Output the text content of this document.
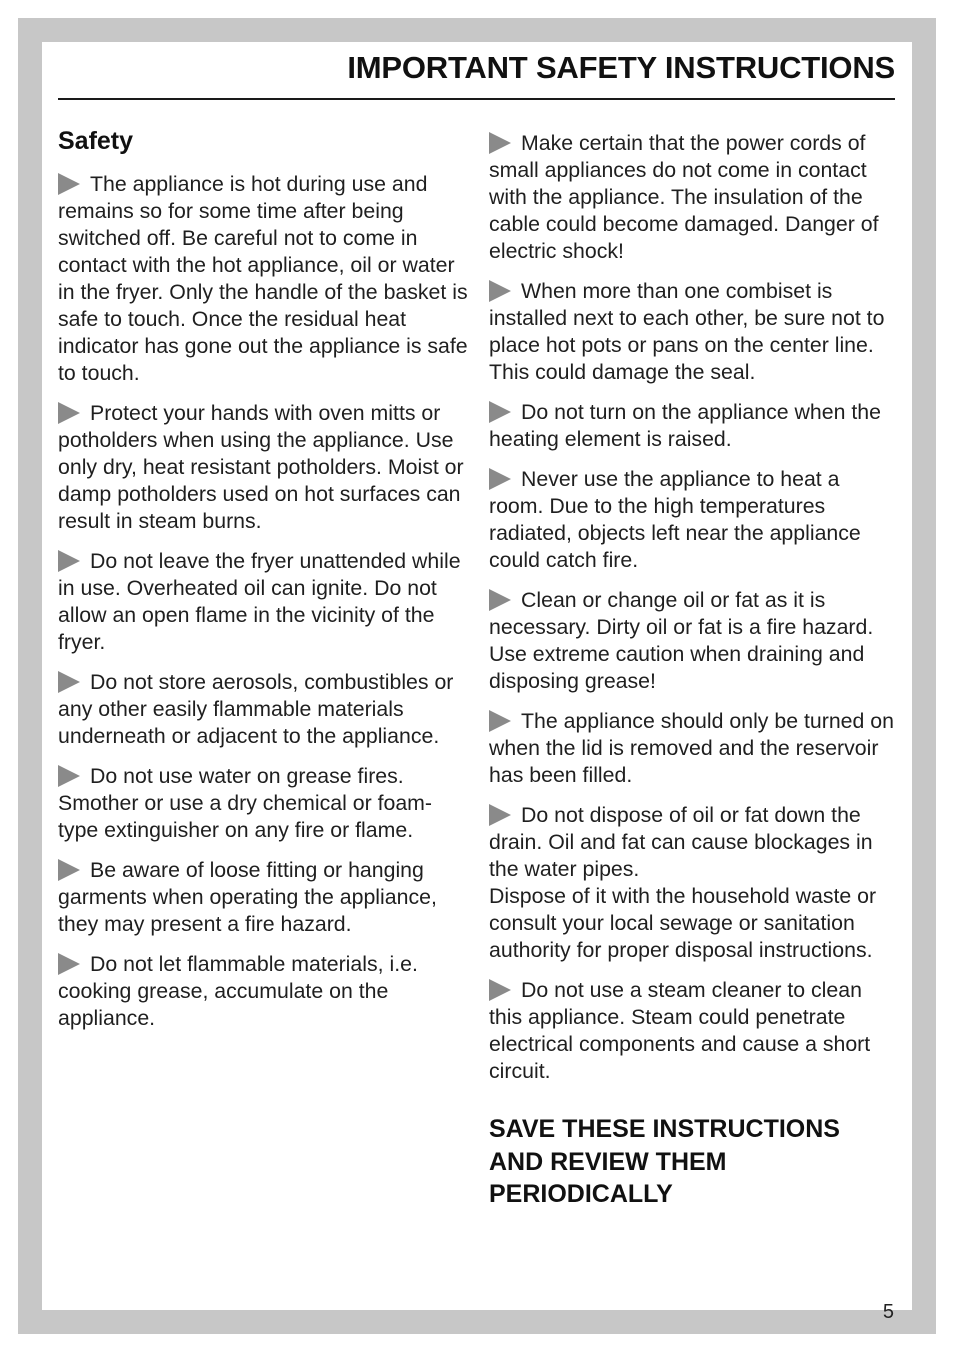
IMPORTANT SAFETY INSTRUCTIONS
Safety

The appliance is hot during use and remains so for some time after being switched off. Be careful not to come in contact with the hot appliance, oil or water in the fryer. Only the handle of the basket is safe to touch. Once the residual heat indicator has gone out the appliance is safe to touch.

Protect your hands with oven mitts or potholders when using the appliance. Use only dry, heat resistant potholders. Moist or damp potholders used on hot surfaces can result in steam burns.

Do not leave the fryer unattended while in use. Overheated oil can ignite. Do not allow an open flame in the vicinity of the fryer.

Do not store aerosols, combustibles or any other easily flammable materials underneath or adjacent to the appliance.

Do not use water on grease fires. Smother or use a dry chemical or foam-type extinguisher on any fire or flame.

Be aware of loose fitting or hanging garments when operating the appliance, they may present a fire hazard.

Do not let flammable materials, i.e. cooking grease, accumulate on the appliance.

Make certain that the power cords of small appliances do not come in contact with the appliance. The insulation of the cable could become damaged. Danger of electric shock!

When more than one combiset is installed next to each other, be sure not to place hot pots or pans on the center line. This could damage the seal.

Do not turn on the appliance when the heating element is raised.

Never use the appliance to heat a room. Due to the high temperatures radiated, objects left near the appliance could catch fire.

Clean or change oil or fat as it is necessary. Dirty oil or fat is a fire hazard.
Use extreme caution when draining and disposing grease!

The appliance should only be turned on when the lid is removed and the reservoir has been filled.

Do not dispose of oil or fat down the drain. Oil and fat can cause blockages in the water pipes.
Dispose of it with the household waste or consult your local sewage or sanitation authority for proper disposal instructions.

Do not use a steam cleaner to clean this appliance. Steam could penetrate electrical components and cause a short circuit.

SAVE THESE INSTRUCTIONS
AND REVIEW THEM
PERIODICALLY
5
